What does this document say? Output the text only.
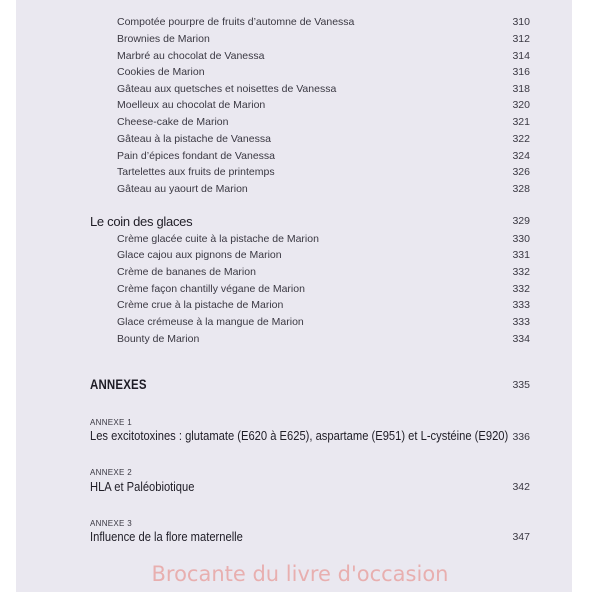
Compotée pourpre de fruits d’automne de Vanessa	310
Brownies de Marion	312
Marbré au chocolat de Vanessa	314
Cookies de Marion	316
Gâteau aux quetsches et noisettes de Vanessa	318
Moelleux au chocolat de Marion	320
Cheese-cake de Marion	321
Gâteau à la pistache de Vanessa	322
Pain d’épices fondant de Vanessa	324
Tartelettes aux fruits de printemps	326
Gâteau au yaourt de Marion	328
Le coin des glaces	329
Crème glacée cuite à la pistache de Marion	330
Glace cajou aux pignons de Marion	331
Crème de bananes de Marion	332
Crème façon chantilly végane de Marion	332
Crème crue à la pistache de Marion	333
Glace crémeuse à la mangue de Marion	333
Bounty de Marion	334
ANNEXES	335
ANNEXE 1
Les excitotoxines : glutamate (E620 à E625), aspartame (E951) et L-cystéine (E920) 336
ANNEXE 2
HLA et Paléobiotique	342
ANNEXE 3
Influence de la flore maternelle	347
Brocante du livre d'occasion
